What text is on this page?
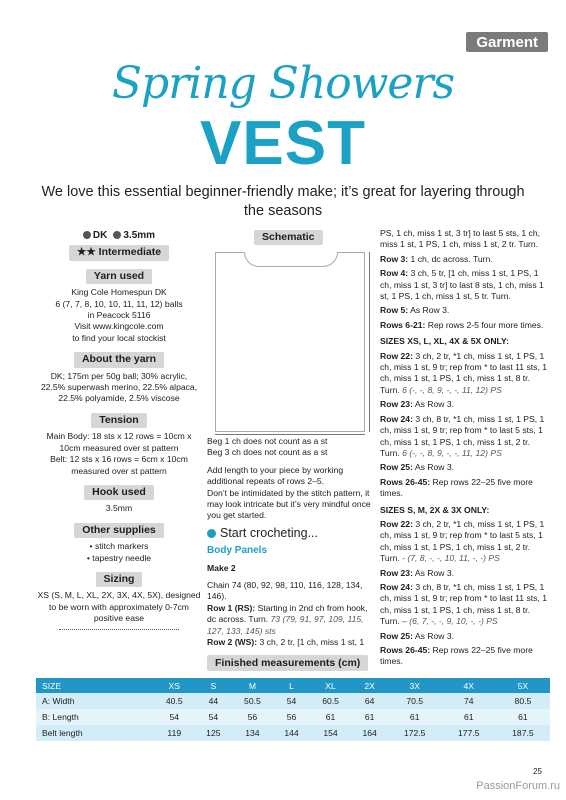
Garment
Spring Showers
VEST
We love this essential beginner-friendly make; it’s great for layering through the seasons
DK	3.5mm
★★ Intermediate
Yarn used

King Cole Homespun DK

6 (7, 7, 8, 10, 10, 11, 11, 12) balls

in Peacock 5116

Visit www.kingcole.com

to find your local stockist

About the yarn

DK; 175m per 50g ball; 30% acrylic,

22.5% superwash merino, 22.5% alpaca,

22.5% polyamide, 2.5% viscose

Tension

Main Body: 18 sts x 12 rows = 10cm x

10cm measured over st pattern

Belt: 12 sts x 16 rows = 6cm x 10cm

measured over st pattern

Hook used

3.5mm

Other supplies

• stitch markers

• tapestry needle

Sizing

XS (S, M, L, XL, 2X, 3X, 4X, 5X), designed to be worn with approximately 0-7cm positive ease

Schematic

Beg 1 ch does not count as a st

Beg 3 ch does not count as a st

Add length to your piece by working additional repeats of rows 2–5.

Don’t be intimidated by the stitch pattern, it may look intricate but it’s very mindful once you get started.

Start crocheting...

Body Panels

Make 2

Chain 74 (80, 92, 98, 110, 116, 128, 134, 146).

Row 1 (RS): Starting in 2nd ch from hook, dc across. Turn. 73 (79, 91, 97, 109, 115, 127, 133, 145) sts

Row 2 (WS): 3 ch, 2 tr, [1 ch, miss 1 st, 1

PS, 1 ch, miss 1 st, 3 tr] to last 5 sts, 1 ch, miss 1 st, 1 PS, 1 ch, miss 1 st, 2 tr. Turn.

Row 3: 1 ch, dc across. Turn.

Row 4: 3 ch, 5 tr, [1 ch, miss 1 st, 1 PS, 1 ch, miss 1 st, 3 tr] to last 8 sts, 1 ch, miss 1 st, 1 PS, 1 ch, miss 1 st, 5 tr. Turn.

Row 5: As Row 3.

Rows 6-21: Rep rows 2-5 four more times.

SIZES XS, L, XL, 4X & 5X ONLY:

Row 22: 3 ch, 2 tr, *1 ch, miss 1 st, 1 PS, 1 ch, miss 1 st, 9 tr; rep from * to last 11 sts, 1 ch, miss 1 st, 1 PS, 1 ch, miss 1 st, 8 tr. Turn. 6 (-, -, 8, 9, -, -, 11, 12) PS

Row 23: As Row 3.

Row 24: 3 ch, 8 tr, *1 ch, miss 1 st, 1 PS, 1 ch, miss 1 st, 9 tr; rep from * to last 5 sts, 1 ch, miss 1 st, 1 PS, 1 ch, miss 1 st, 2 tr. Turn. 6 (-, -, 8, 9, -, -, 11, 12) PS

Row 25: As Row 3.

Rows 26-45: Rep rows 22–25 five more times.

SIZES S, M, 2X & 3X ONLY:

Row 22: 3 ch, 2 tr, *1 ch, miss 1 st, 1 PS, 1 ch, miss 1 st, 9 tr; rep from * to last 5 sts, 1 ch, miss 1 st, 1 PS, 1 ch, miss 1 st, 2 tr. Turn. - (7, 8, -, -, 10, 11, -, -) PS

Row 23: As Row 3.

Row 24: 3 ch, 8 tr, *1 ch, miss 1 st, 1 PS, 1 ch, miss 1 st, 9 tr; rep from * to last 11 sts, 1 ch, miss 1 st, 1 PS, 1 ch, miss 1 st, 8 tr. Turn. – (6, 7, -, -, 9, 10, -, -) PS

Row 25: As Row 3.

Rows 26-45: Rep rows 22–25 five more times.

Finished measurements (cm)
SIZE	XS	S	M	L	XL	2X	3X	4X	5X
A: Width	40.5	44	50.5	54	60.5	64	70.5	74	80.5
B: Length	54	54	56	56	61	61	61	61	61
Belt length	119	125	134	144	154	164	172.5	177.5	187.5
25
PassionForum.ru
